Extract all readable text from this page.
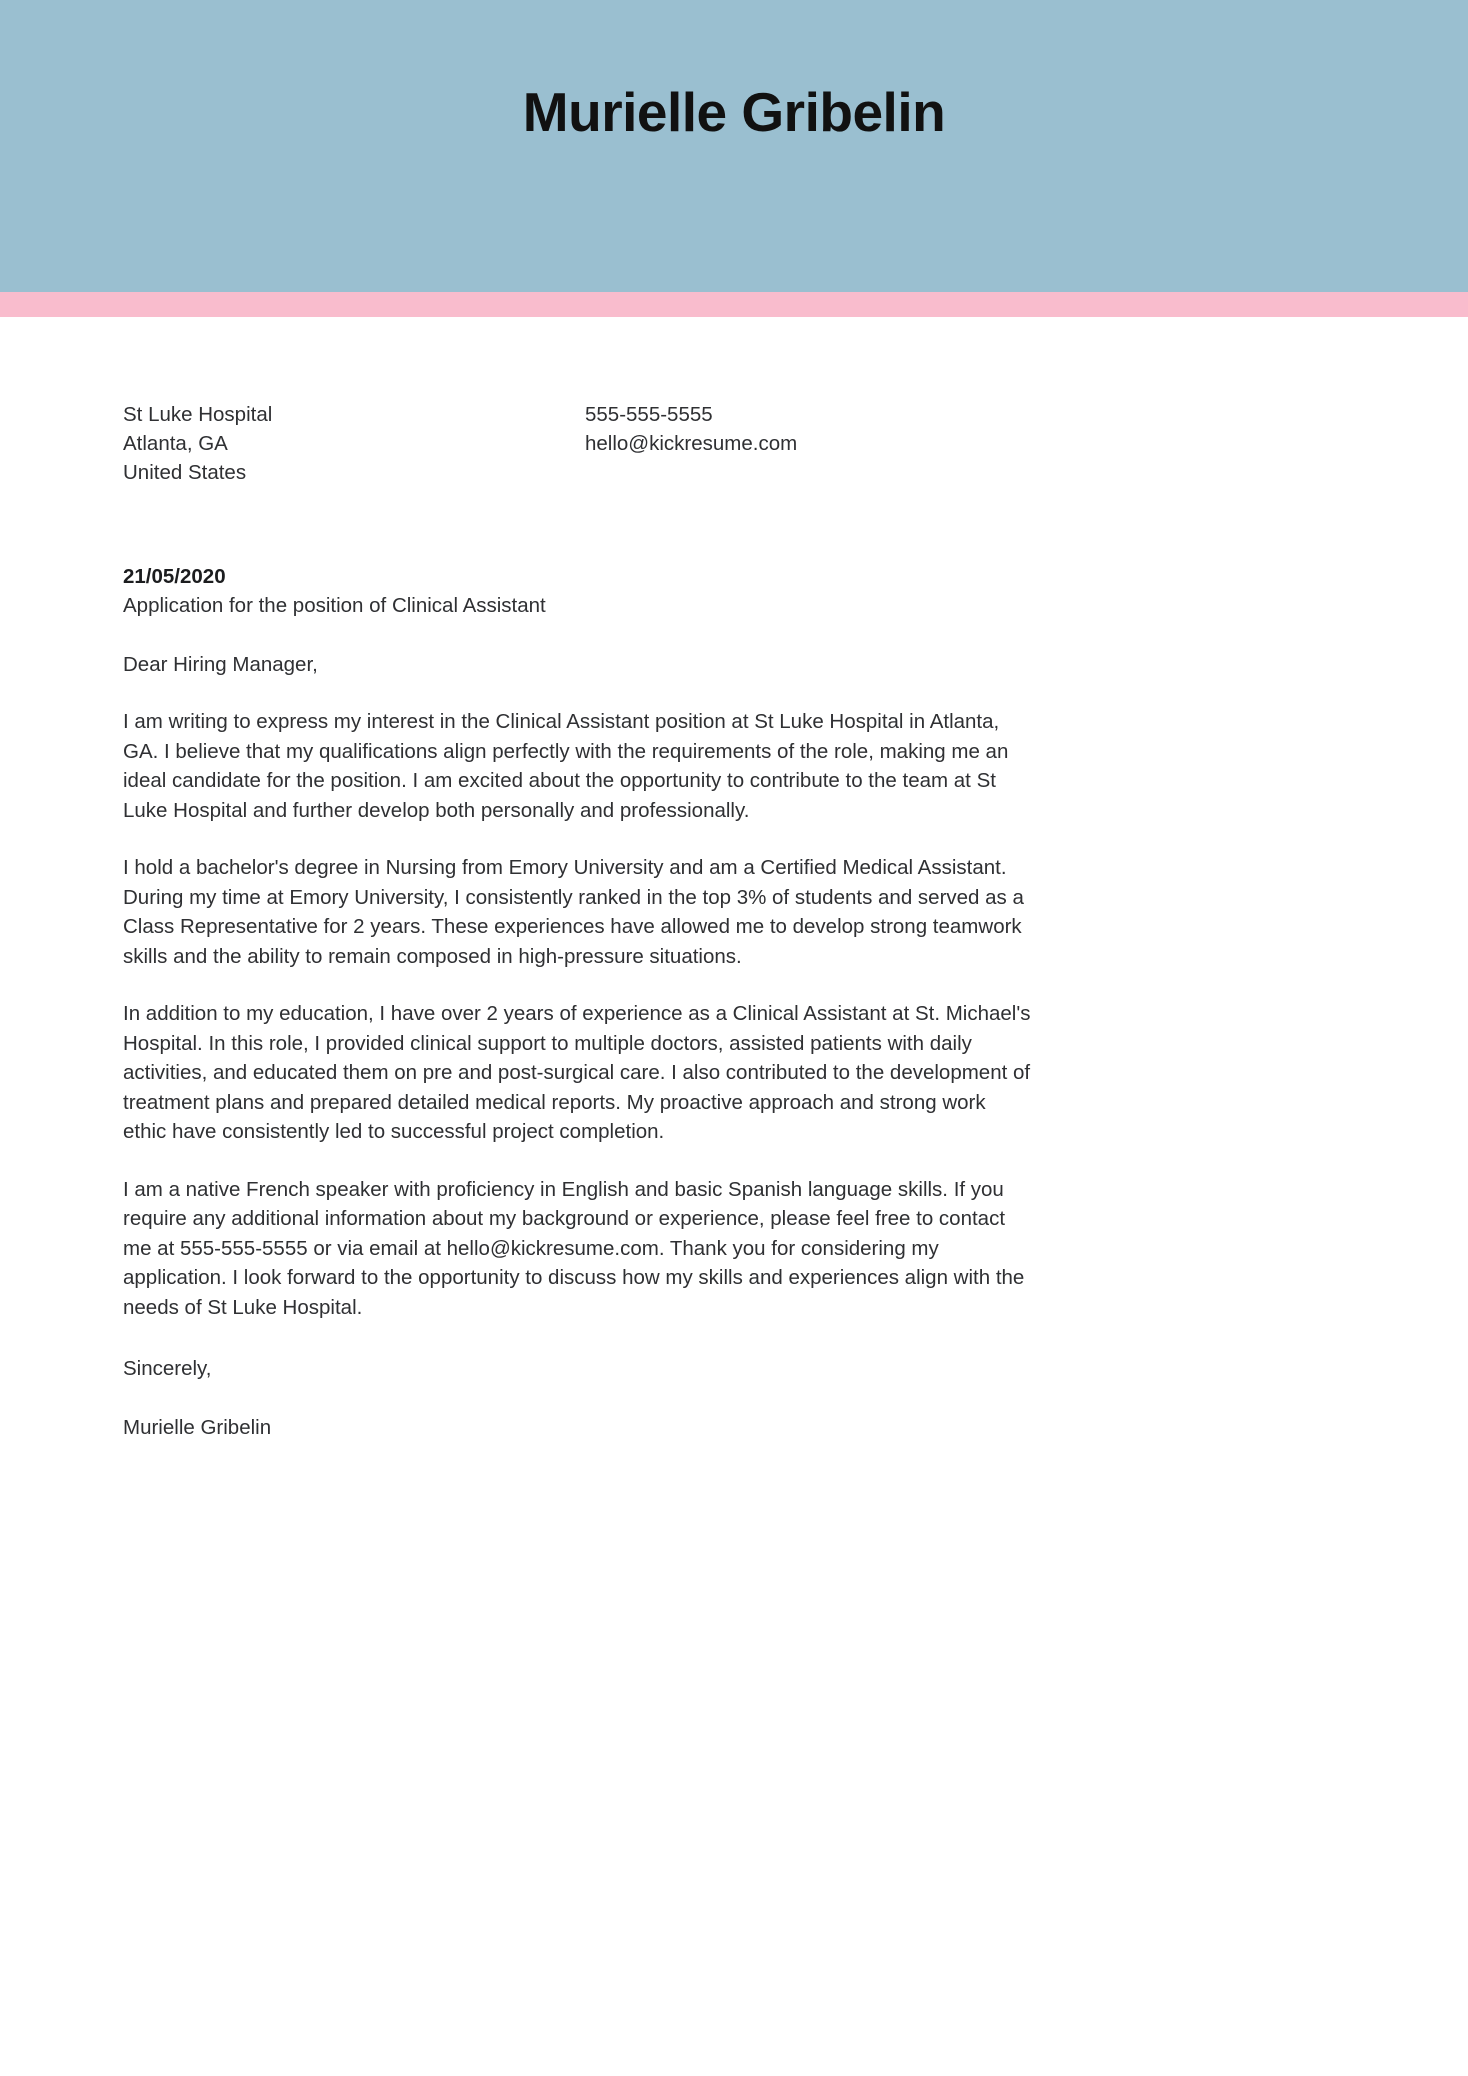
Murielle Gribelin
St Luke Hospital
Atlanta, GA
United States
555-555-5555
hello@kickresume.com
21/05/2020
Application for the position of Clinical Assistant
Dear Hiring Manager,

I am writing to express my interest in the Clinical Assistant position at St Luke Hospital in Atlanta, GA. I believe that my qualifications align perfectly with the requirements of the role, making me an ideal candidate for the position. I am excited about the opportunity to contribute to the team at St Luke Hospital and further develop both personally and professionally.

I hold a bachelor's degree in Nursing from Emory University and am a Certified Medical Assistant. During my time at Emory University, I consistently ranked in the top 3% of students and served as a Class Representative for 2 years. These experiences have allowed me to develop strong teamwork skills and the ability to remain composed in high-pressure situations.

In addition to my education, I have over 2 years of experience as a Clinical Assistant at St. Michael's Hospital. In this role, I provided clinical support to multiple doctors, assisted patients with daily activities, and educated them on pre and post-surgical care. I also contributed to the development of treatment plans and prepared detailed medical reports. My proactive approach and strong work ethic have consistently led to successful project completion.

I am a native French speaker with proficiency in English and basic Spanish language skills. If you require any additional information about my background or experience, please feel free to contact me at 555-555-5555 or via email at hello@kickresume.com. Thank you for considering my application. I look forward to the opportunity to discuss how my skills and experiences align with the needs of St Luke Hospital.

Sincerely,
Murielle Gribelin
